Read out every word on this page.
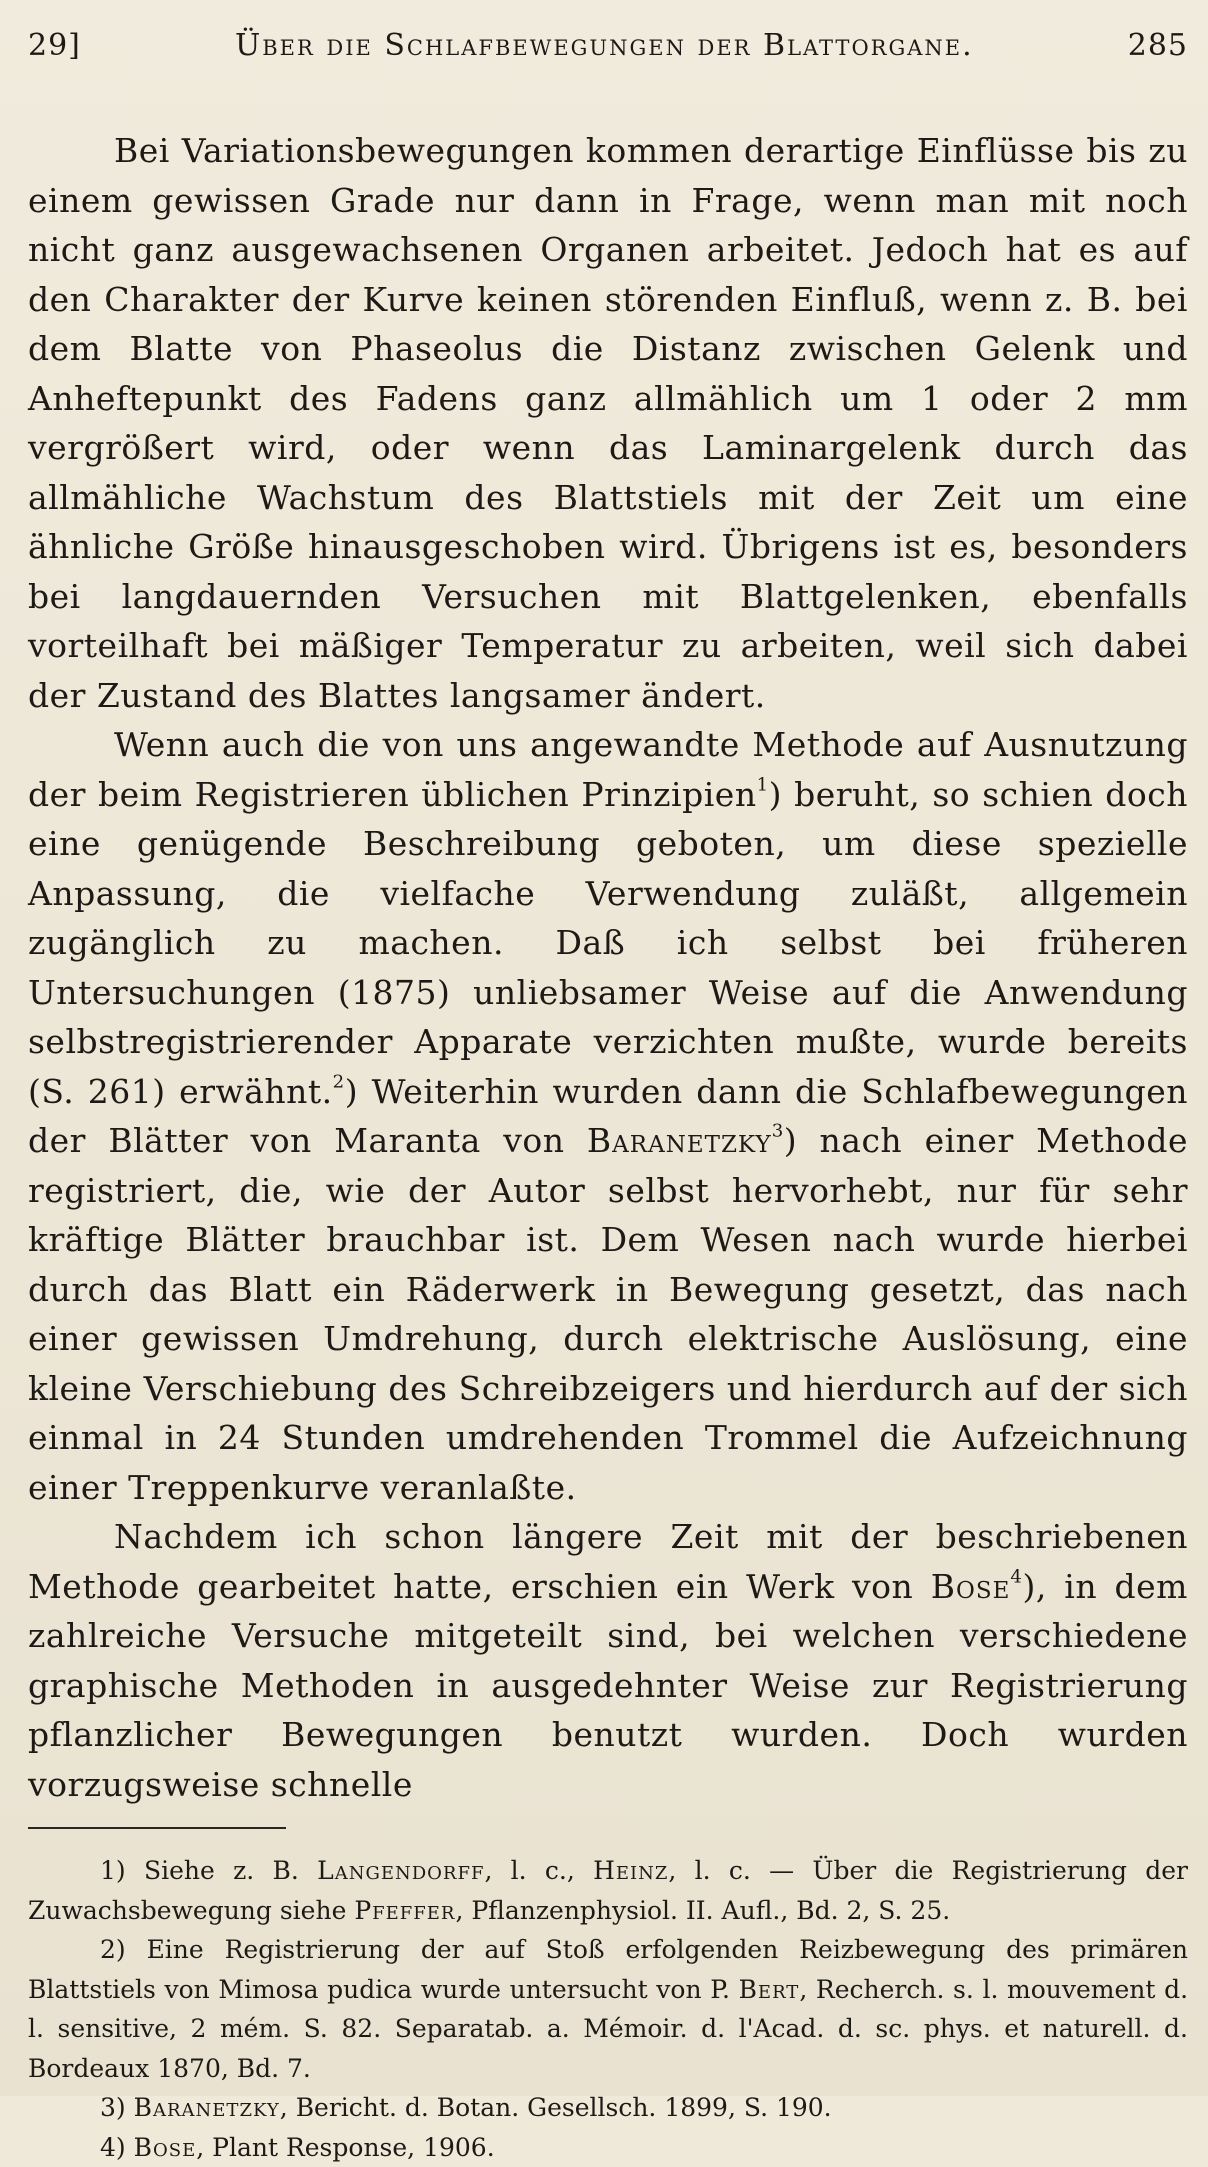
29]	Über die Schlafbewegungen der Blattorgane.	285

Bei Variationsbewegungen kommen derartige Einflüsse bis zu einem gewissen Grade nur dann in Frage, wenn man mit noch nicht ganz ausgewachsenen Organen arbeitet. Jedoch hat es auf den Charakter der Kurve keinen störenden Einfluß, wenn z. B. bei dem Blatte von Phaseolus die Distanz zwischen Gelenk und Anheftepunkt des Fadens ganz allmählich um 1 oder 2 mm vergrößert wird, oder wenn das Laminargelenk durch das allmähliche Wachstum des Blattstiels mit der Zeit um eine ähnliche Größe hinausgeschoben wird. Übrigens ist es, besonders bei langdauernden Versuchen mit Blattgelenken, ebenfalls vorteilhaft bei mäßiger Temperatur zu arbeiten, weil sich dabei der Zustand des Blattes langsamer ändert.

Wenn auch die von uns angewandte Methode auf Ausnutzung der beim Registrieren üblichen Prinzipien$^1$) beruht, so schien doch eine genügende Beschreibung geboten, um diese spezielle Anpassung, die vielfache Verwendung zuläßt, allgemein zugänglich zu machen. Daß ich selbst bei früheren Untersuchungen (1875) unliebsamer Weise auf die Anwendung selbstregistrierender Apparate verzichten mußte, wurde bereits (S. 261) erwähnt.$^2$) Weiterhin wurden dann die Schlafbewegungen der Blätter von Maranta von Baranetzky$^3$) nach einer Methode registriert, die, wie der Autor selbst hervorhebt, nur für sehr kräftige Blätter brauchbar ist. Dem Wesen nach wurde hierbei durch das Blatt ein Räderwerk in Bewegung gesetzt, das nach einer gewissen Umdrehung, durch elektrische Auslösung, eine kleine Verschiebung des Schreibzeigers und hierdurch auf der sich einmal in 24 Stunden umdrehenden Trommel die Aufzeichnung einer Treppenkurve veranlaßte.

Nachdem ich schon längere Zeit mit der beschriebenen Methode gearbeitet hatte, erschien ein Werk von Bose$^4$), in dem zahlreiche Versuche mitgeteilt sind, bei welchen verschiedene graphische Methoden in ausgedehnter Weise zur Registrierung pflanzlicher Bewegungen benutzt wurden. Doch wurden vorzugsweise schnelle

1) Siehe z. B. Langendorff, l. c., Heinz, l. c. — Über die Registrierung der Zuwachsbewegung siehe Pfeffer, Pflanzenphysiol. II. Aufl., Bd. 2, S. 25.

2) Eine Registrierung der auf Stoß erfolgenden Reizbewegung des primären Blattstiels von Mimosa pudica wurde untersucht von P. Bert, Recherch. s. l. mouvement d. l. sensitive, 2 mém. S. 82. Separatab. a. Mémoir. d. l'Acad. d. sc. phys. et naturell. d. Bordeaux 1870, Bd. 7.

3) Baranetzky, Bericht. d. Botan. Gesellsch. 1899, S. 190.

4) Bose, Plant Response, 1906.
